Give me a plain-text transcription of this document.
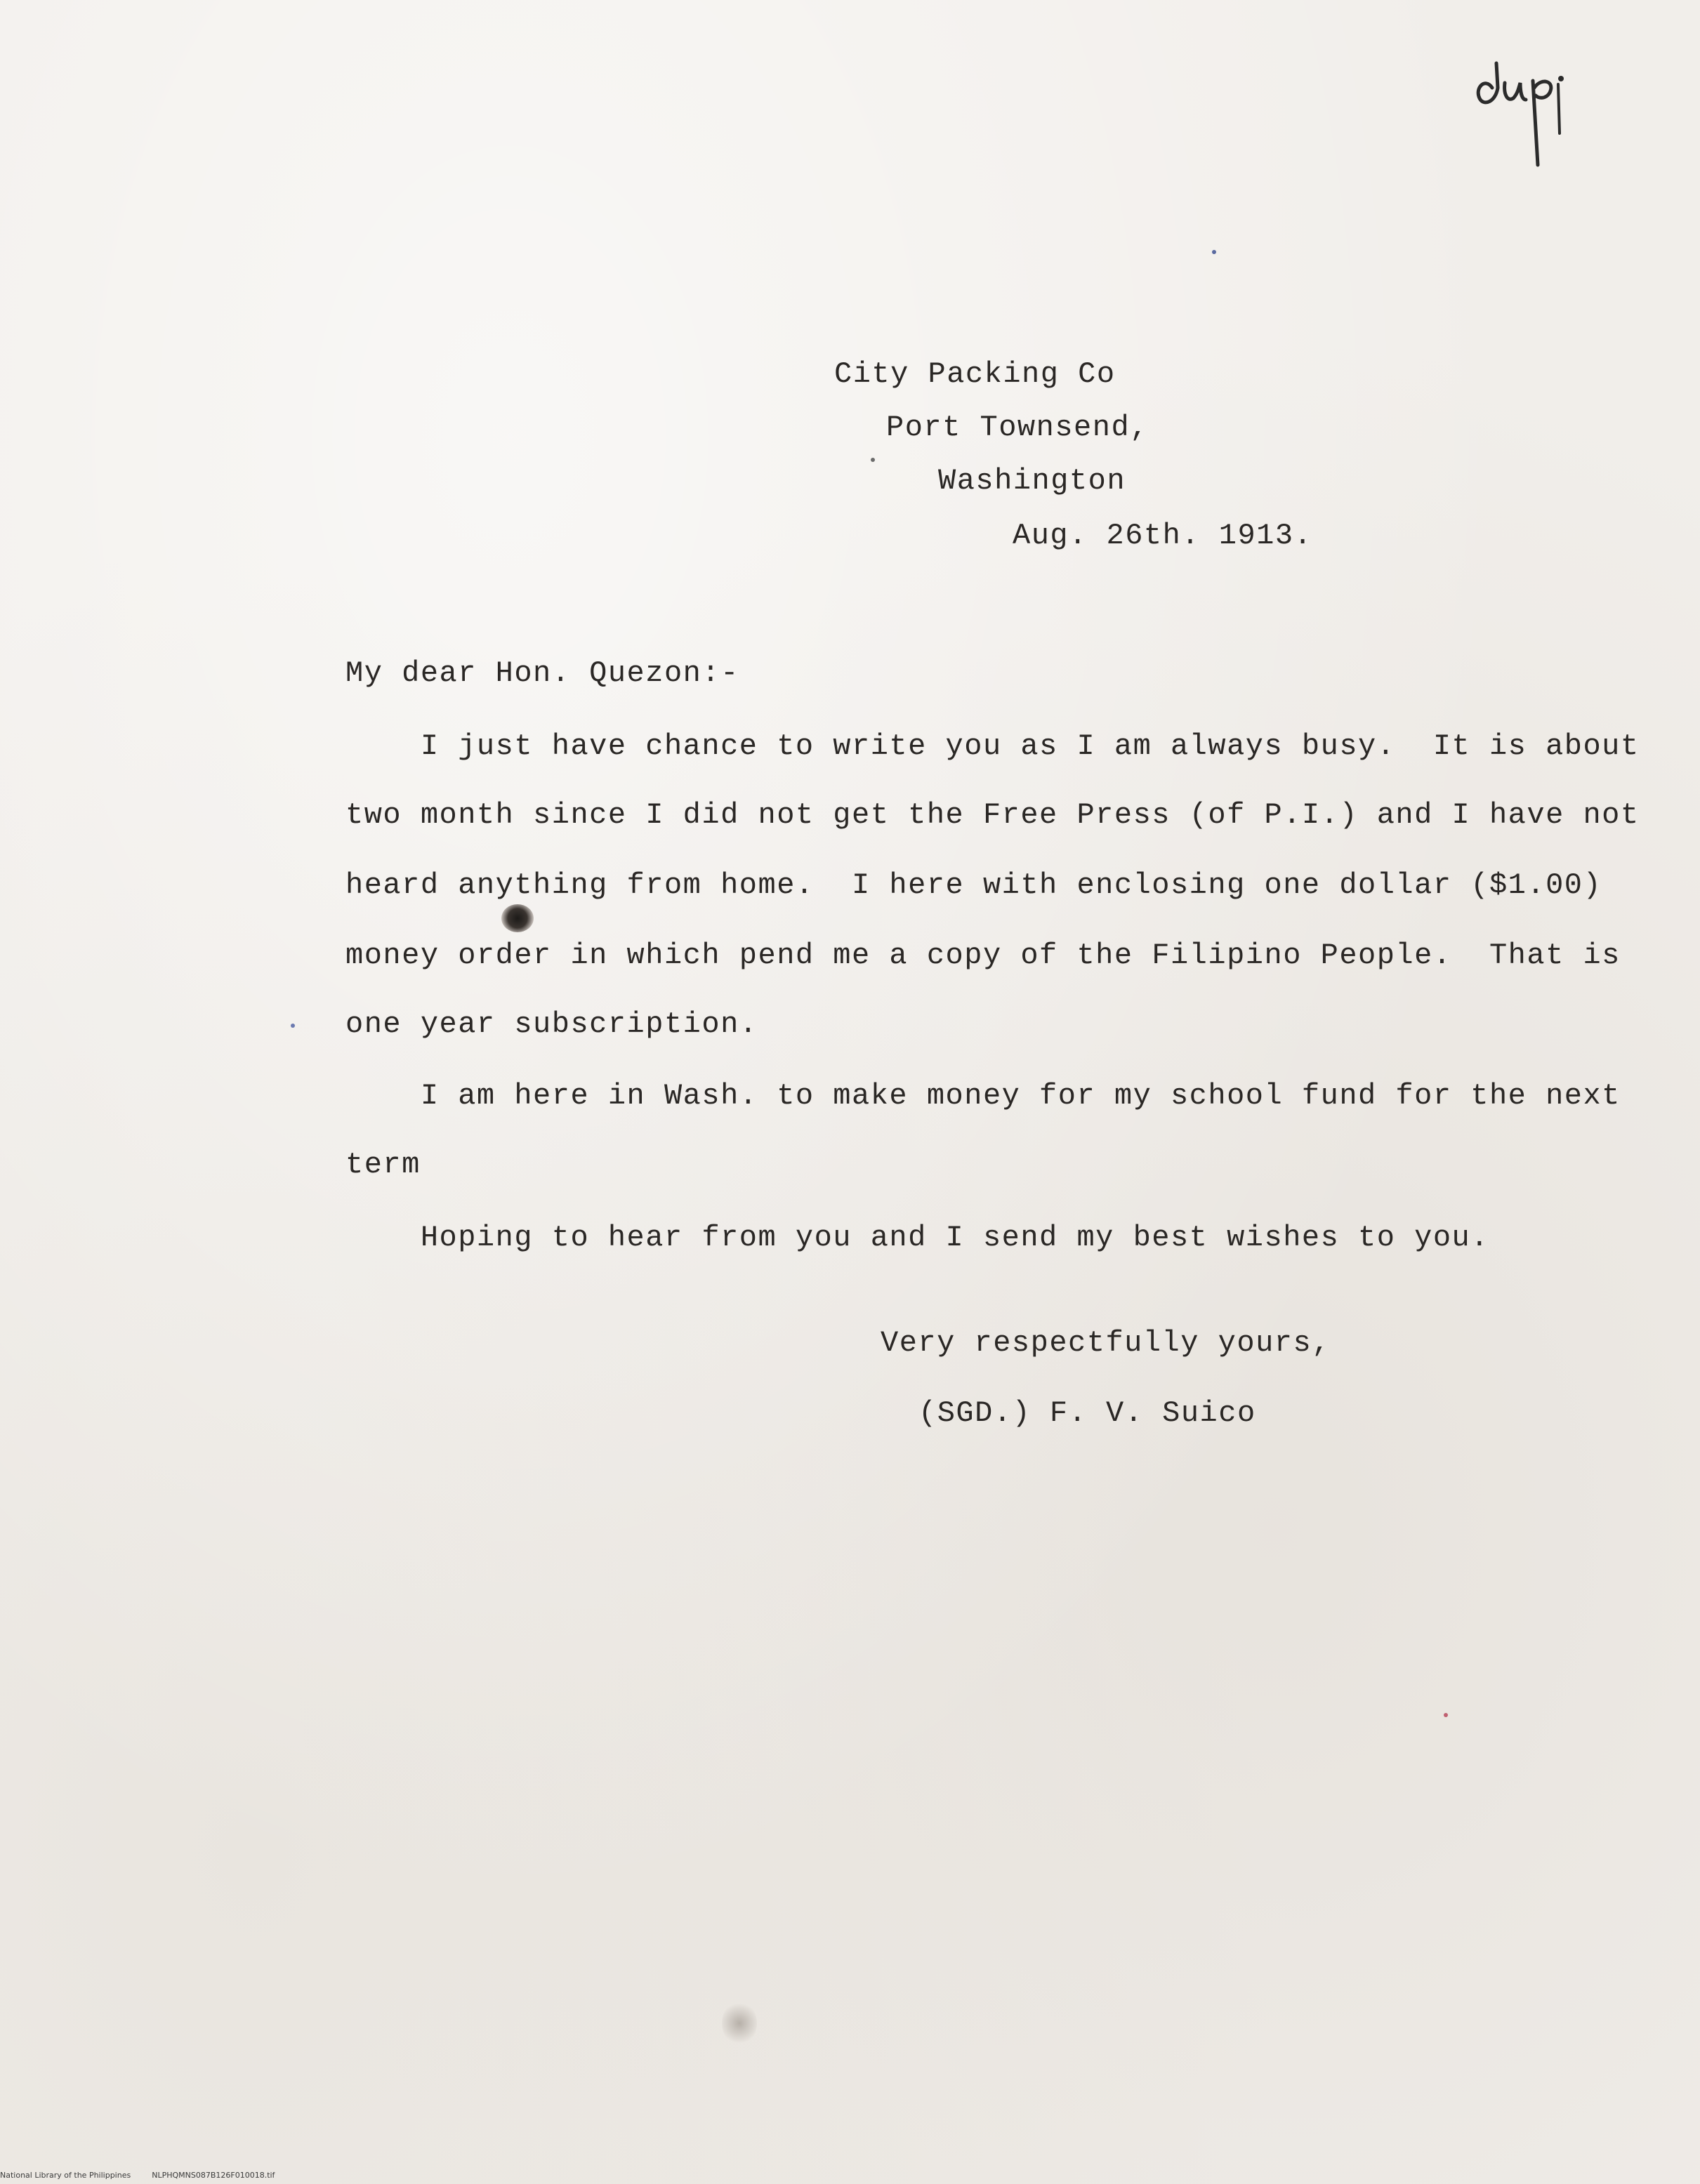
City Packing Co
Port Townsend,
Washington
Aug. 26th. 1913.
My dear Hon. Quezon:-
I just have chance to write you as I am always busy.  It is about
two month since I did not get the Free Press (of P.I.) and I have not
heard anything from home.  I here with enclosing one dollar ($1.00)
money order in which pend me a copy of the Filipino People.  That is
one year subscription.
I am here in Wash. to make money for my school fund for the next
term
Hoping to hear from you and I send my best wishes to you.
Very respectfully yours,
(SGD.) F. V. Suico
National Library of the Philippines	NLPHQMNS087B126F010018.tif
